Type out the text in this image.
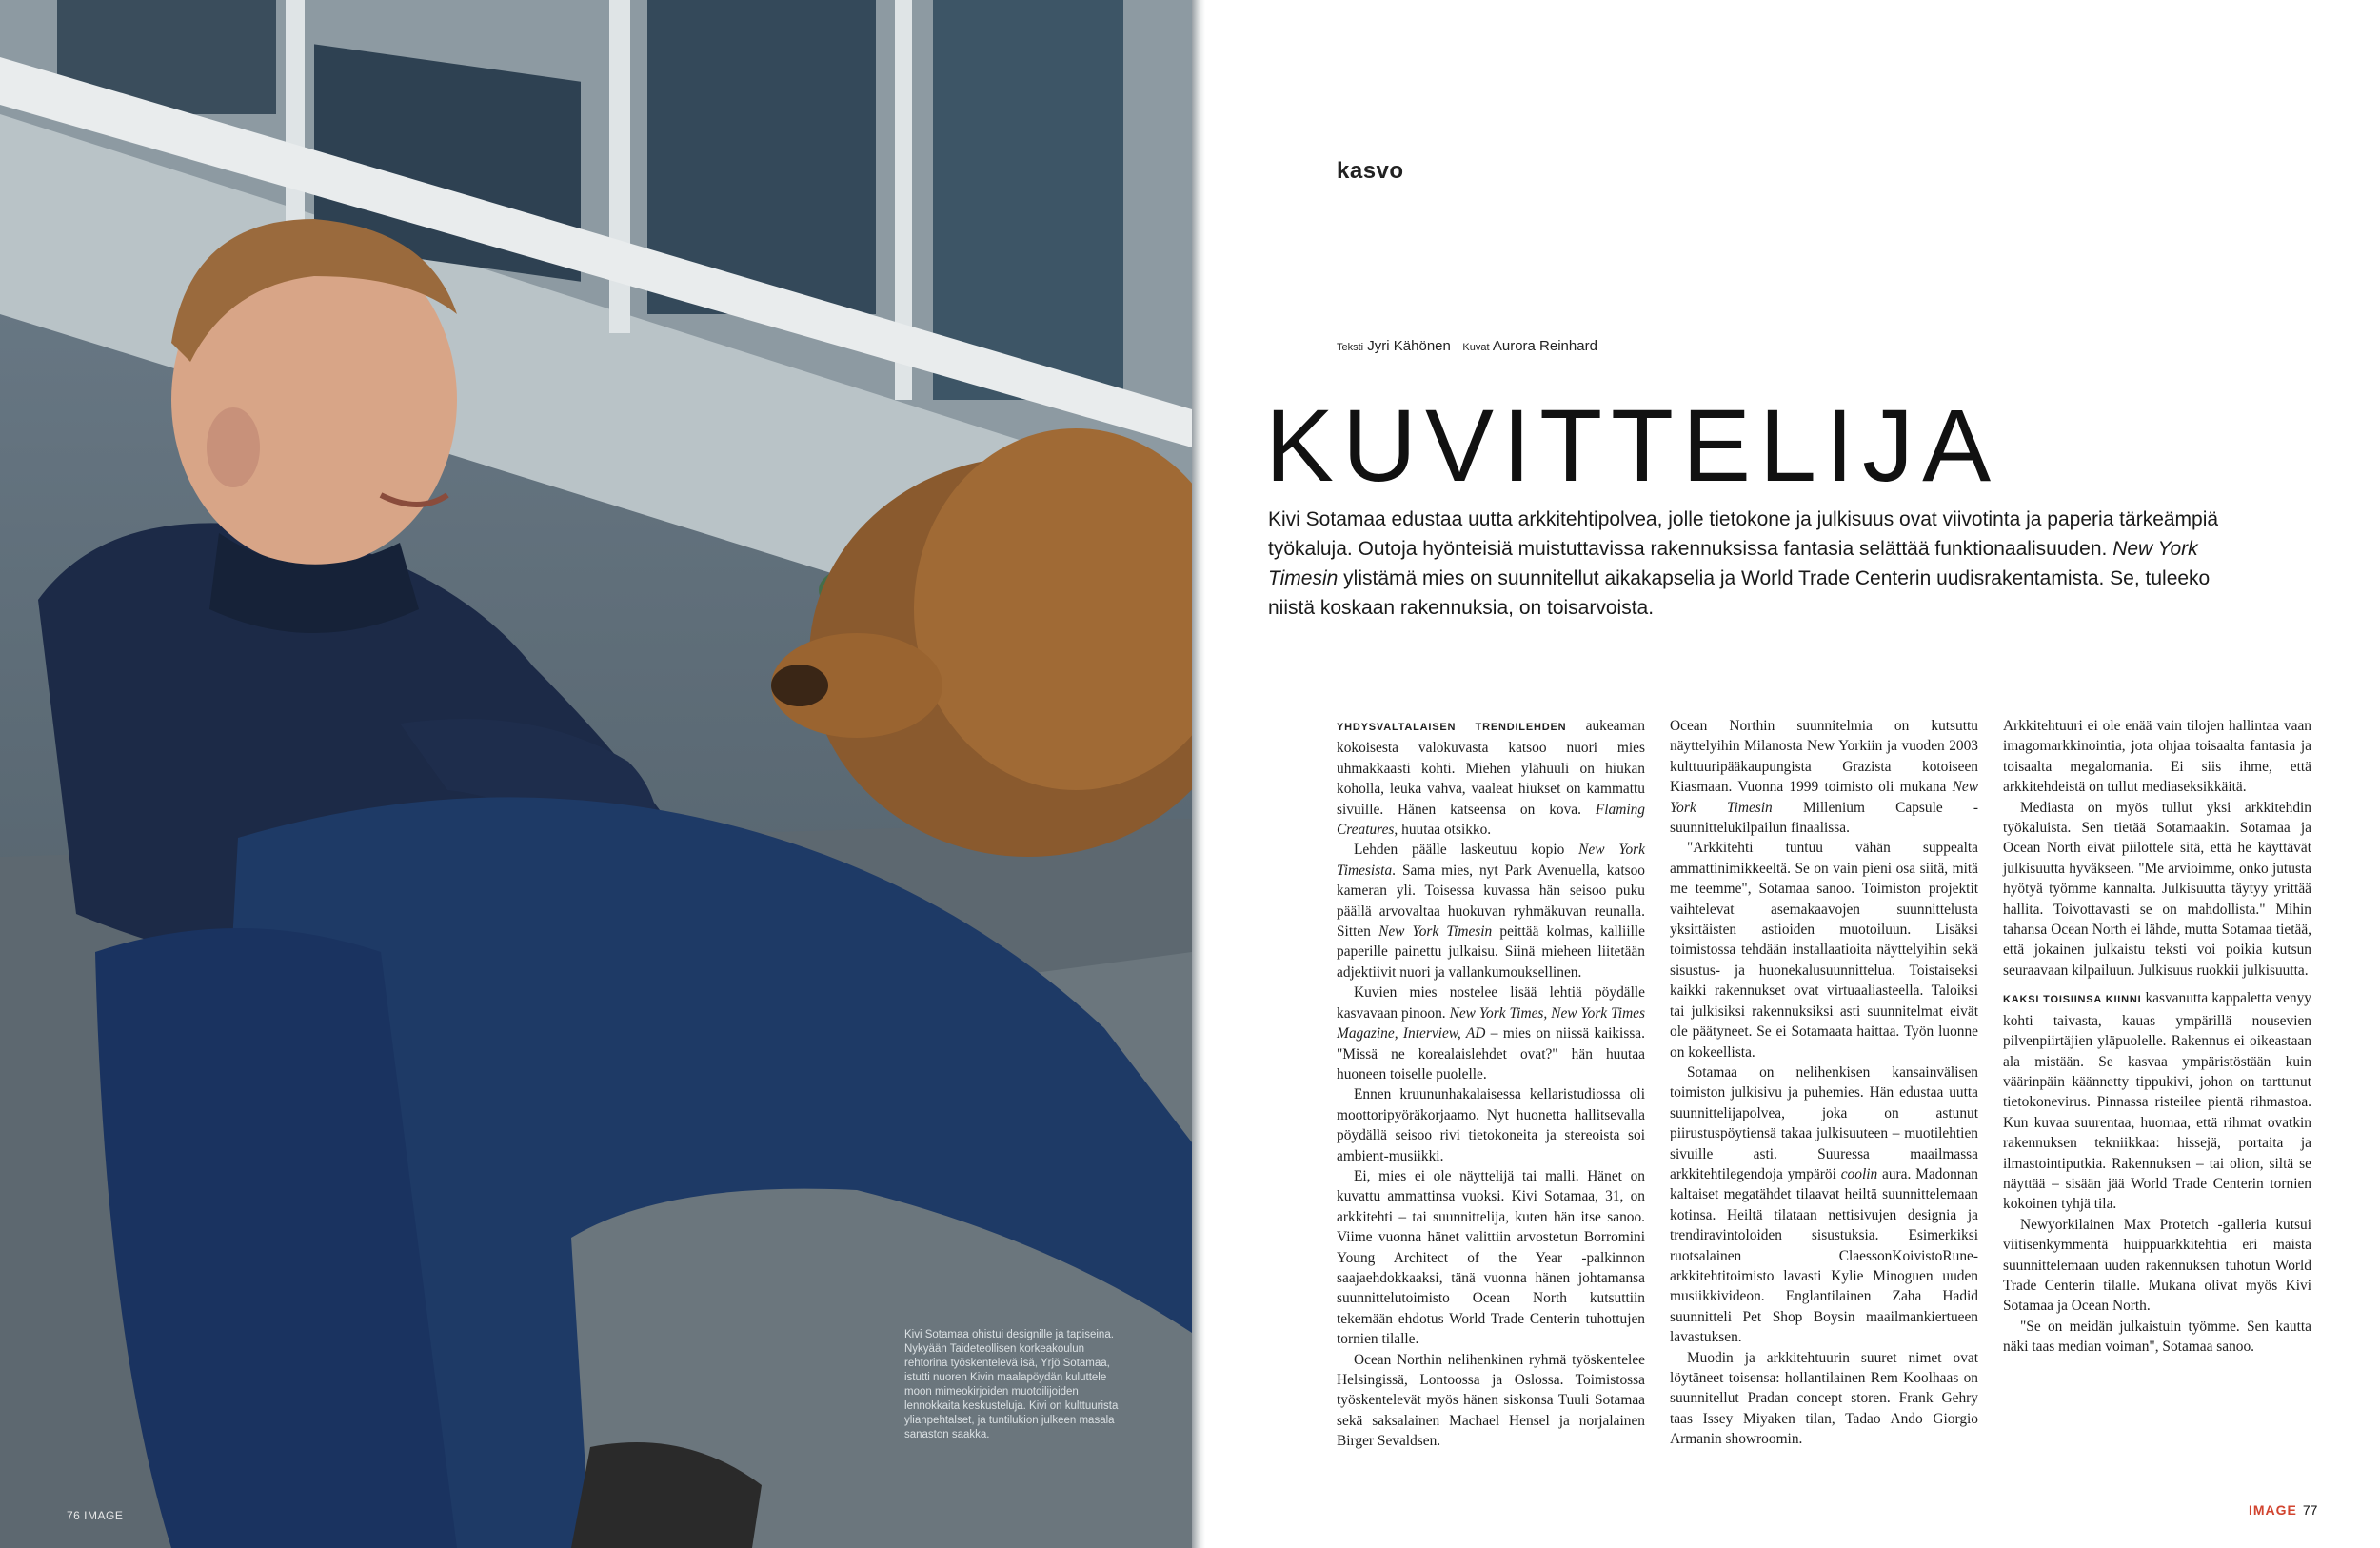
Kivi Sotamaa ohistui designille ja tapiseina. Nykyään Taideteollisen korkeakoulun rehtorina työskentelevä isä, Yrjö Sotamaa, istutti nuoren Kivin maalapöydän kuluttele moon mimeokirjoiden muotoilijoiden lennokkaita keskusteluja. Kivi on kulttuurista ylianpehtalset, ja tuntilukion julkeen masala sanaston saakka.
76 IMAGE
kasvo
Teksti Jyri Kähönen Kuvat Aurora Reinhard
KUVITTELIJA

Kivi Sotamaa edustaa uutta arkkitehtipolvea, jolle tietokone ja julkisuus ovat viivotinta ja paperia tärkeämpiä työkaluja. Outoja hyönteisiä muistuttavissa rakennuksissa fantasia selättää funktionaalisuuden. New York Timesin ylistämä mies on suunnitellut aikakapselia ja World Trade Centerin uudisrakentamista. Se, tuleeko niistä koskaan rakennuksia, on toisarvoista.

YHDYSVALTALAISEN TRENDILEHDEN aukeaman kokoisesta valokuvasta katsoo nuori mies uhmakkaasti kohti. Miehen ylähuuli on hiukan koholla, leuka vahva, vaaleat hiukset on kammattu sivuille. Hänen katseensa on kova. Flaming Creatures, huutaa otsikko.

Lehden päälle laskeutuu kopio New York Timesista. Sama mies, nyt Park Avenuella, katsoo kameran yli. Toisessa kuvassa hän seisoo puku päällä arvovaltaa huokuvan ryhmäkuvan reunalla. Sitten New York Timesin peittää kolmas, kalliille paperille painettu julkaisu. Siinä mieheen liitetään adjektiivit nuori ja vallankumouksellinen.

Kuvien mies nostelee lisää lehtiä pöydälle kasvavaan pinoon. New York Times, New York Times Magazine, Interview, AD – mies on niissä kaikissa. "Missä ne korealaislehdet ovat?" hän huutaa huoneen toiselle puolelle.

Ennen kruununhakalaisessa kellaristudiossa oli moottoripyöräkorjaamo. Nyt huonetta hallitsevalla pöydällä seisoo rivi tietokoneita ja stereoista soi ambient-musiikki.

Ei, mies ei ole näyttelijä tai malli. Hänet on kuvattu ammattinsa vuoksi. Kivi Sotamaa, 31, on arkkitehti – tai suunnittelija, kuten hän itse sanoo. Viime vuonna hänet valittiin arvostetun Borromini Young Architect of the Year -palkinnon saajaehdokkaaksi, tänä vuonna hänen johtamansa suunnittelutoimisto Ocean North kutsuttiin tekemään ehdotus World Trade Centerin tuhottujen tornien tilalle.

Ocean Northin nelihenkinen ryhmä työskentelee Helsingissä, Lontoossa ja Oslossa. Toimistossa työskentelevät myös hänen siskonsa Tuuli Sotamaa sekä saksalainen Machael Hensel ja norjalainen Birger Sevaldsen.

Ocean Northin suunnitelmia on kutsuttu näyttelyihin Milanosta New Yorkiin ja vuoden 2003 kulttuuripääkaupungista Grazista kotoiseen Kiasmaan. Vuonna 1999 toimisto oli mukana New York Timesin Millenium Capsule -suunnittelukilpailun finaalissa.

"Arkkitehti tuntuu vähän suppealta ammattinimikkeeltä. Se on vain pieni osa siitä, mitä me teemme", Sotamaa sanoo. Toimiston projektit vaihtelevat asemakaavojen suunnittelusta yksittäisten astioiden muotoiluun. Lisäksi toimistossa tehdään installaatioita näyttelyihin sekä sisustus- ja huonekalusuunnittelua. Toistaiseksi kaikki rakennukset ovat virtuaaliasteella. Taloiksi tai julkisiksi rakennuksiksi asti suunnitelmat eivät ole päätyneet. Se ei Sotamaata haittaa. Työn luonne on kokeellista.

Sotamaa on nelihenkisen kansainvälisen toimiston julkisivu ja puhemies. Hän edustaa uutta suunnittelijapolvea, joka on astunut piirustuspöytiensä takaa julkisuuteen – muotilehtien sivuille asti. Suuressa maailmassa arkkitehtilegendoja ympäröi coolin aura. Madonnan kaltaiset megatähdet tilaavat heiltä suunnittelemaan kotinsa. Heiltä tilataan nettisivujen designia ja trendiravintoloiden sisustuksia. Esimerkiksi ruotsalainen ClaessonKoivistoRune-arkkitehtitoimisto lavasti Kylie Minoguen uuden musiikkivideon. Englantilainen Zaha Hadid suunnitteli Pet Shop Boysin maailmankiertueen lavastuksen.

Muodin ja arkkitehtuurin suuret nimet ovat löytäneet toisensa: hollantilainen Rem Koolhaas on suunnitellut Pradan concept storen. Frank Gehry taas Issey Miyaken tilan, Tadao Ando Giorgio Armanin showroomin.

Arkkitehtuuri ei ole enää vain tilojen hallintaa vaan imagomarkkinointia, jota ohjaa toisaalta fantasia ja toisaalta megalomania. Ei siis ihme, että arkkitehdeistä on tullut mediaseksikkäitä.

Mediasta on myös tullut yksi arkkitehdin työkaluista. Sen tietää Sotamaakin. Sotamaa ja Ocean North eivät piilottele sitä, että he käyttävät julkisuutta hyväkseen. "Me arvioimme, onko jutusta hyötyä työmme kannalta. Julkisuutta täytyy yrittää hallita. Toivottavasti se on mahdollista." Mihin tahansa Ocean North ei lähde, mutta Sotamaa tietää, että jokainen julkaistu teksti voi poikia kutsun seuraavaan kilpailuun. Julkisuus ruokkii julkisuutta.

KAKSI TOISIINSA KIINNI kasvanutta kappaletta venyy kohti taivasta, kauas ympärillä nousevien pilvenpiirtäjien yläpuolelle. Rakennus ei oikeastaan ala mistään. Se kasvaa ympäristöstään kuin väärinpäin käännetty tippukivi, johon on tarttunut tietokonevirus. Pinnassa risteilee pientä rihmastoa. Kun kuvaa suurentaa, huomaa, että rihmat ovatkin rakennuksen tekniikkaa: hissejä, portaita ja ilmastointiputkia. Rakennuksen – tai olion, siltä se näyttää – sisään jää World Trade Centerin tornien kokoinen tyhjä tila.

Newyorkilainen Max Protetch -galleria kutsui viitisenkymmentä huippuarkkitehtia eri maista suunnittelemaan uuden rakennuksen tuhotun World Trade Centerin tilalle. Mukana olivat myös Kivi Sotamaa ja Ocean North.

"Se on meidän julkaistuin työmme. Sen kautta näki taas median voiman", Sotamaa sanoo.

IMAGE 77
